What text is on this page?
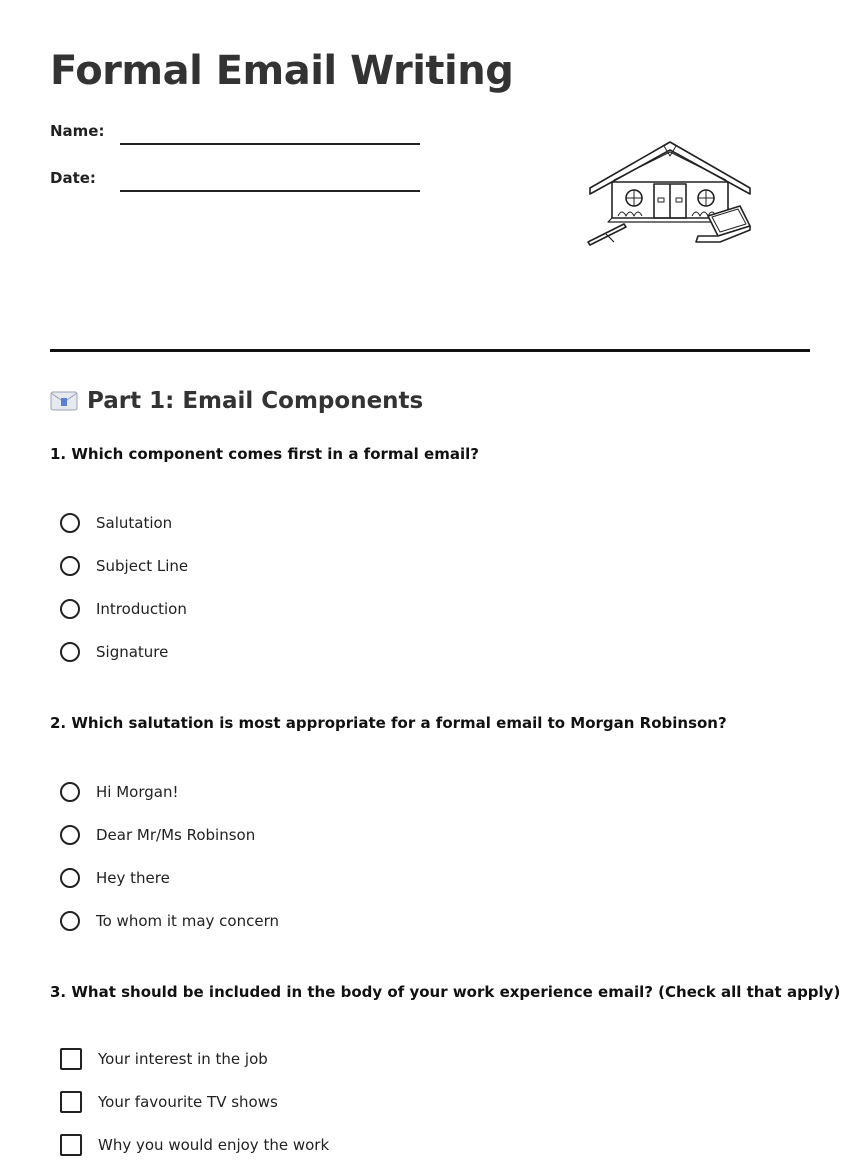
Formal Email Writing
Name:
Date:
Part 1: Email Components
1. Which component comes first in a formal email?
Salutation
Subject Line
Introduction
Signature
2. Which salutation is most appropriate for a formal email to Morgan Robinson?
Hi Morgan!
Dear Mr/Ms Robinson
Hey there
To whom it may concern
3. What should be included in the body of your work experience email? (Check all that apply)
Your interest in the job
Your favourite TV shows
Why you would enjoy the work
